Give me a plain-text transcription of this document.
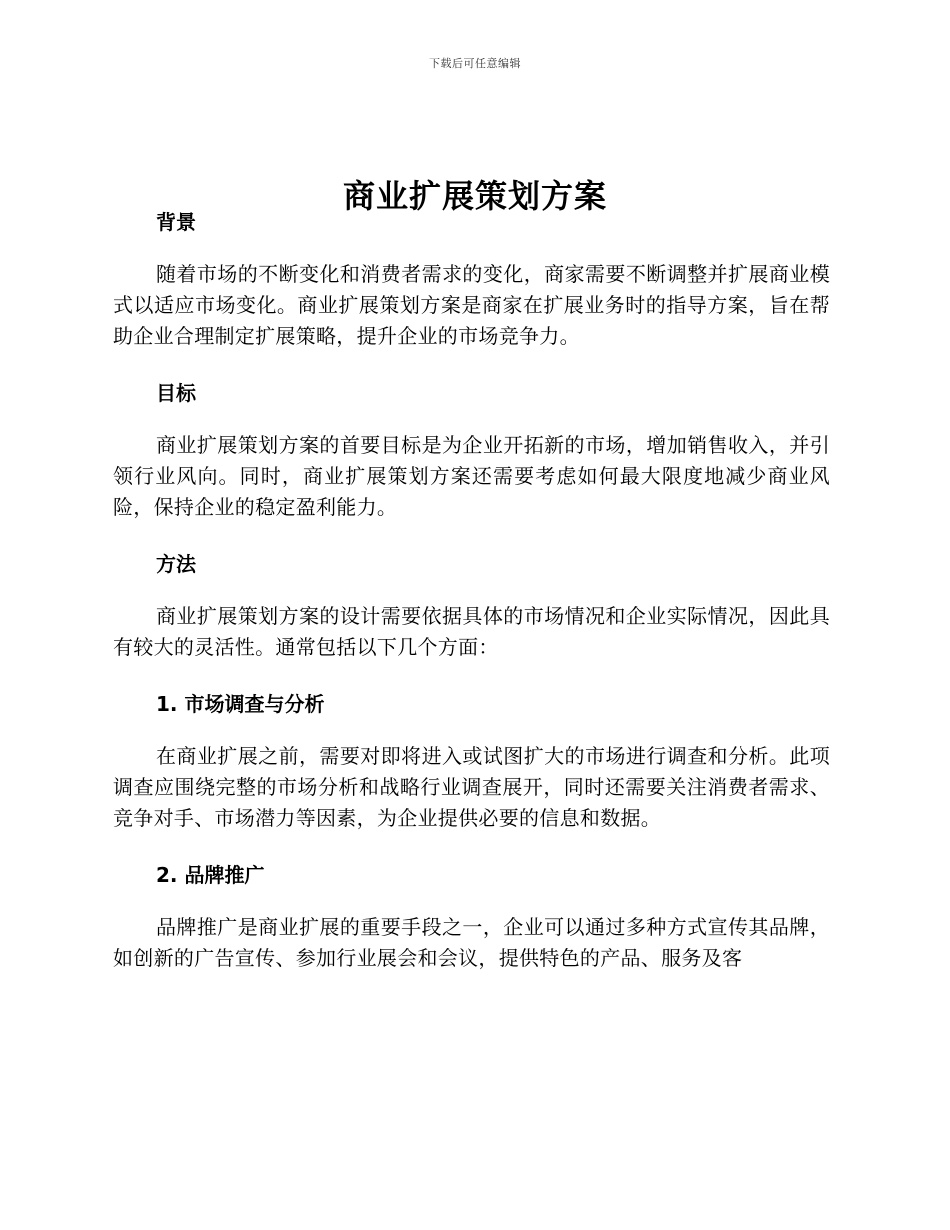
下载后可任意编辑
商业扩展策划方案
背景

随着市场的不断变化和消费者需求的变化，商家需要不断调整并扩展商业模式以适应市场变化。商业扩展策划方案是商家在扩展业务时的指导方案，旨在帮助企业合理制定扩展策略，提升企业的市场竞争力。

目标

商业扩展策划方案的首要目标是为企业开拓新的市场，增加销售收入，并引领行业风向。同时，商业扩展策划方案还需要考虑如何最大限度地减少商业风险，保持企业的稳定盈利能力。

方法

商业扩展策划方案的设计需要依据具体的市场情况和企业实际情况，因此具有较大的灵活性。通常包括以下几个方面：

1. 市场调查与分析

在商业扩展之前，需要对即将进入或试图扩大的市场进行调查和分析。此项调查应围绕完整的市场分析和战略行业调查展开，同时还需要关注消费者需求、竞争对手、市场潜力等因素，为企业提供必要的信息和数据。

2. 品牌推广

品牌推广是商业扩展的重要手段之一，企业可以通过多种方式宣传其品牌，如创新的广告宣传、参加行业展会和会议，提供特色的产品、服务及客
